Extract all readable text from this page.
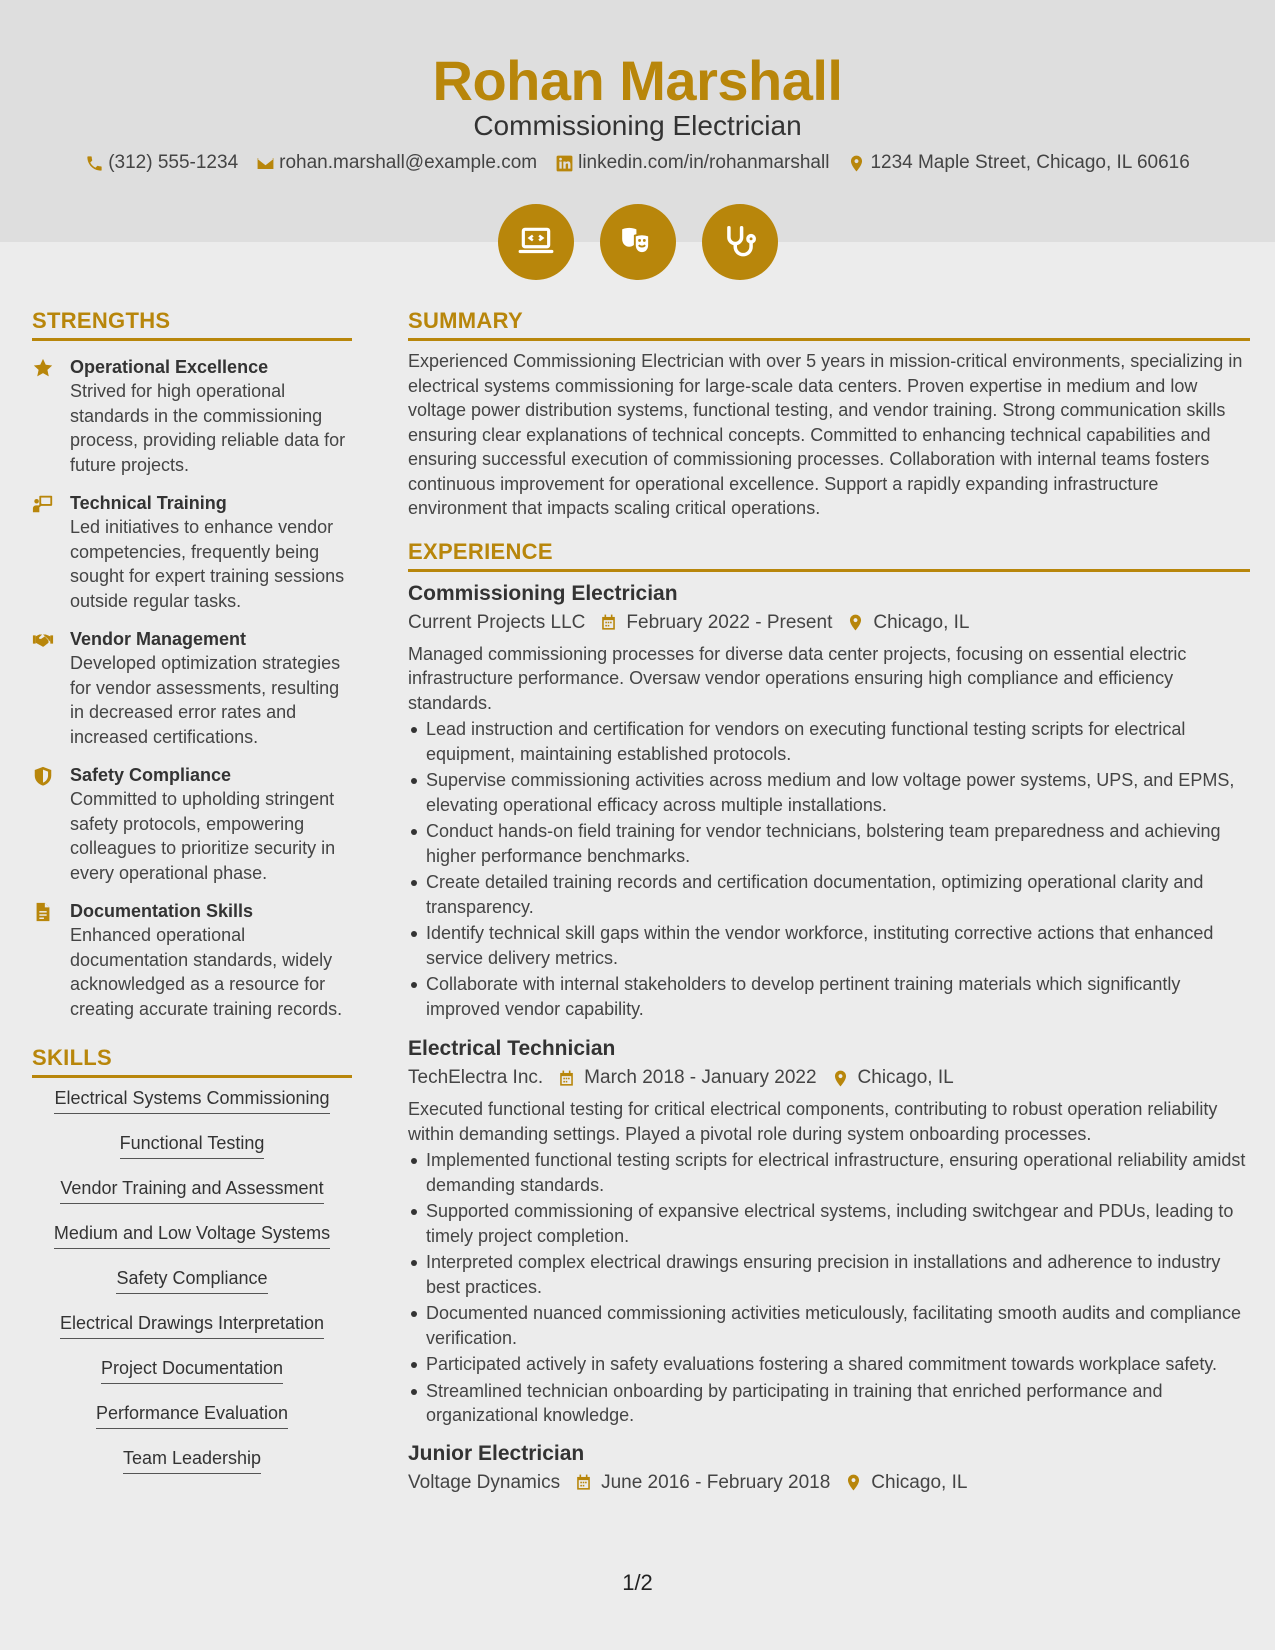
Rohan Marshall
Commissioning Electrician
(312) 555-1234 rohan.marshall@example.com linkedin.com/in/rohanmarshall 1234 Maple Street, Chicago, IL 60616
STRENGTHS
Operational Excellence
Strived for high operational standards in the commissioning process, providing reliable data for future projects.
Technical Training
Led initiatives to enhance vendor competencies, frequently being sought for expert training sessions outside regular tasks.
Vendor Management
Developed optimization strategies for vendor assessments, resulting in decreased error rates and increased certifications.
Safety Compliance
Committed to upholding stringent safety protocols, empowering colleagues to prioritize security in every operational phase.
Documentation Skills
Enhanced operational documentation standards, widely acknowledged as a resource for creating accurate training records.
SKILLS
Electrical Systems Commissioning
Functional Testing
Vendor Training and Assessment
Medium and Low Voltage Systems
Safety Compliance
Electrical Drawings Interpretation
Project Documentation
Performance Evaluation
Team Leadership
SUMMARY
Experienced Commissioning Electrician with over 5 years in mission-critical environments, specializing in electrical systems commissioning for large-scale data centers. Proven expertise in medium and low voltage power distribution systems, functional testing, and vendor training. Strong communication skills ensuring clear explanations of technical concepts. Committed to enhancing technical capabilities and ensuring successful execution of commissioning processes. Collaboration with internal teams fosters continuous improvement for operational excellence. Support a rapidly expanding infrastructure environment that impacts scaling critical operations.
EXPERIENCE
Commissioning Electrician
Current Projects LLC February 2022 - Present Chicago, IL
Managed commissioning processes for diverse data center projects, focusing on essential electric infrastructure performance. Oversaw vendor operations ensuring high compliance and efficiency standards.
Lead instruction and certification for vendors on executing functional testing scripts for electrical equipment, maintaining established protocols.
Supervise commissioning activities across medium and low voltage power systems, UPS, and EPMS, elevating operational efficacy across multiple installations.
Conduct hands-on field training for vendor technicians, bolstering team preparedness and achieving higher performance benchmarks.
Create detailed training records and certification documentation, optimizing operational clarity and transparency.
Identify technical skill gaps within the vendor workforce, instituting corrective actions that enhanced service delivery metrics.
Collaborate with internal stakeholders to develop pertinent training materials which significantly improved vendor capability.
Electrical Technician
TechElectra Inc. March 2018 - January 2022 Chicago, IL
Executed functional testing for critical electrical components, contributing to robust operation reliability within demanding settings. Played a pivotal role during system onboarding processes.
Implemented functional testing scripts for electrical infrastructure, ensuring operational reliability amidst demanding standards.
Supported commissioning of expansive electrical systems, including switchgear and PDUs, leading to timely project completion.
Interpreted complex electrical drawings ensuring precision in installations and adherence to industry best practices.
Documented nuanced commissioning activities meticulously, facilitating smooth audits and compliance verification.
Participated actively in safety evaluations fostering a shared commitment towards workplace safety.
Streamlined technician onboarding by participating in training that enriched performance and organizational knowledge.
Junior Electrician
Voltage Dynamics June 2016 - February 2018 Chicago, IL
1/2
